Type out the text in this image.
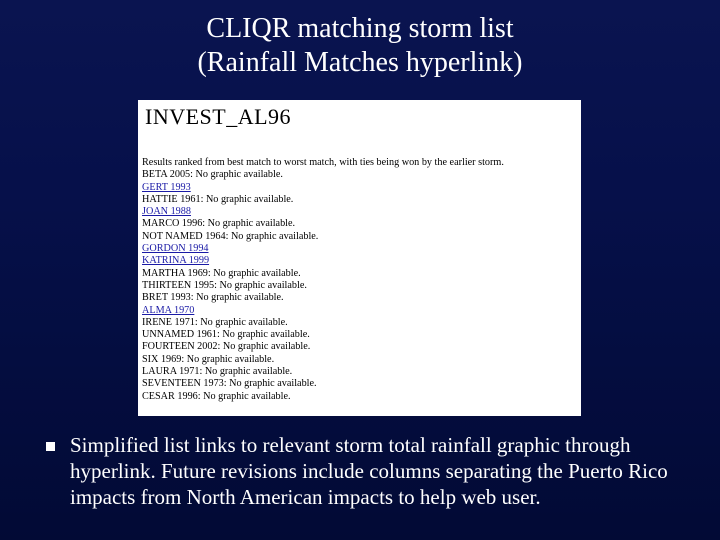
CLIQR matching storm list
(Rainfall Matches hyperlink)
INVEST_AL96
Results ranked from best match to worst match, with ties being won by the earlier storm.
BETA 2005: No graphic available.
GERT 1993
HATTIE 1961: No graphic available.
JOAN 1988
MARCO 1996: No graphic available.
NOT NAMED 1964: No graphic available.
GORDON 1994
KATRINA 1999
MARTHA 1969: No graphic available.
THIRTEEN 1995: No graphic available.
BRET 1993: No graphic available.
ALMA 1970
IRENE 1971: No graphic available.
UNNAMED 1961: No graphic available.
FOURTEEN 2002: No graphic available.
SIX 1969: No graphic available.
LAURA 1971: No graphic available.
SEVENTEEN 1973: No graphic available.
CESAR 1996: No graphic available.
Simplified list links to relevant storm total rainfall graphic through hyperlink. Future revisions include columns separating the Puerto Rico impacts from North American impacts to help web user.
